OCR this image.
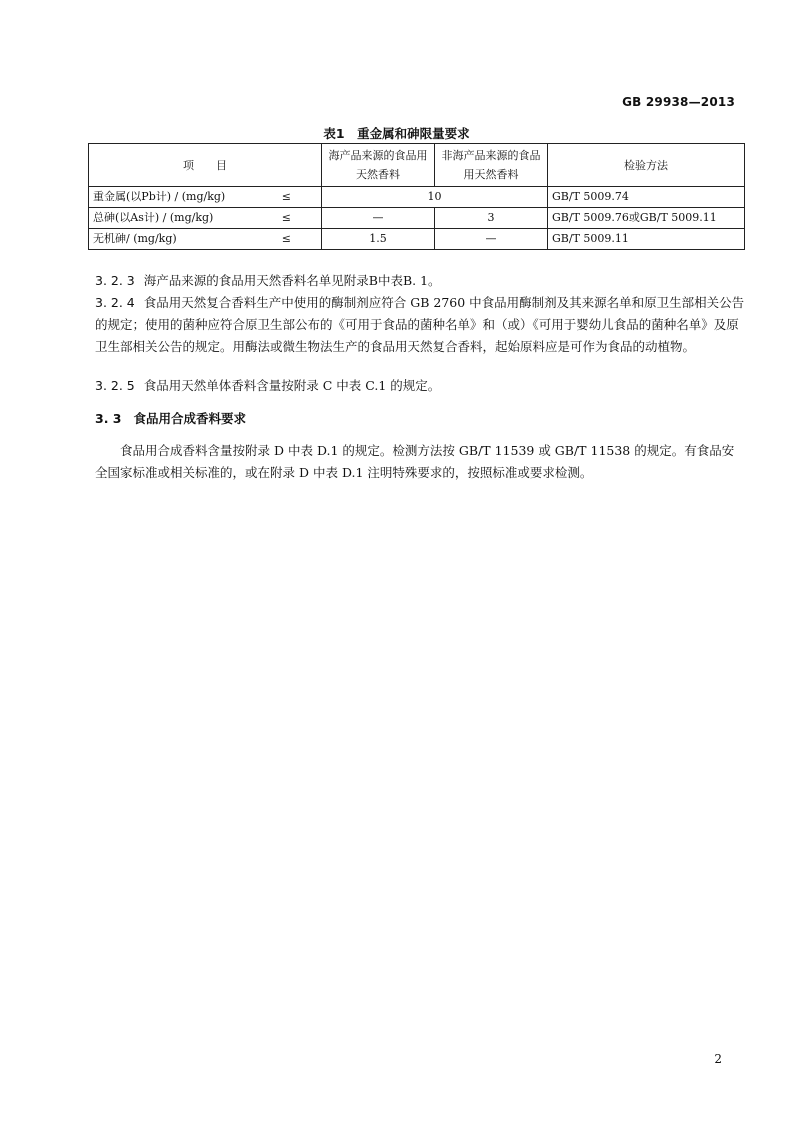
GB 29938—2013
表1　重金属和砷限量要求
项　　目	海产品来源的食品用天然香料	非海产品来源的食品用天然香料	检验方法
重金属(以Pb计) / (mg/kg) ≤	10		GB/T 5009.74
总砷(以As计) / (mg/kg) ≤	—	3	GB/T 5009.76或GB/T 5009.11
无机砷/ (mg/kg) ≤	1.5	—	GB/T 5009.11
3. 2. 3 海产品来源的食品用天然香料名单见附录B中表B. 1。
3. 2. 4 食品用天然复合香料生产中使用的酶制剂应符合 GB 2760 中食品用酶制剂及其来源名单和原卫生部相关公告的规定；使用的菌种应符合原卫生部公布的《可用于食品的菌种名单》和（或）《可用于婴幼儿食品的菌种名单》及原卫生部相关公告的规定。用酶法或微生物法生产的食品用天然复合香料，起始原料应是可作为食品的动植物。
3. 2. 5 食品用天然单体香料含量按附录 C 中表 C.1 的规定。
3. 3 食品用合成香料要求
食品用合成香料含量按附录 D 中表 D.1 的规定。检测方法按 GB/T 11539 或 GB/T 11538 的规定。有食品安全国家标准或相关标准的，或在附录 D 中表 D.1 注明特殊要求的，按照标准或要求检测。
2
